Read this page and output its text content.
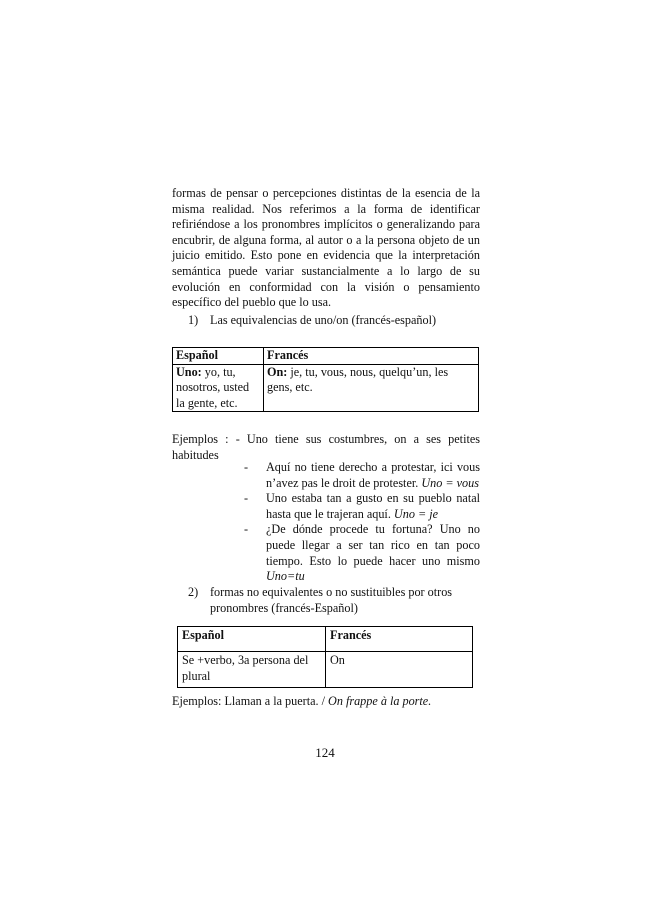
formas de pensar o percepciones distintas de la esencia de la
misma realidad. Nos referimos a la forma de identificar
refiriéndose a los pronombres implícitos o generalizando para
encubrir, de alguna forma, al autor o a la persona objeto de un
juicio emitido. Esto pone en evidencia que la interpretación
semántica puede variar sustancialmente a lo largo de su
evolución en conformidad con la visión o pensamiento
específico del pueblo que lo usa.
1) Las equivalencias de uno/on (francés-español)
Español	Francés
Uno: yo, tu, nosotros, usted la gente, etc.	On: je, tu, vous, nous, quelqu’un, les gens, etc.
Ejemplos : - Uno tiene sus costumbres, on a ses petites
habitudes
-	Aquí no tiene derecho a protestar, ici vous n’avez pas le droit de protester. Uno = vous
-	Uno estaba tan a gusto en su pueblo natal hasta que le trajeran aquí. Uno = je
-	¿De dónde procede tu fortuna? Uno no puede llegar a ser tan rico en tan poco tiempo. Esto lo puede hacer uno mismo Uno=tu
2) formas no equivalentes o no sustituibles por otros
pronombres (francés-Español)
Español	Francés
Se +verbo, 3a persona del plural	On
Ejemplos: Llaman a la puerta. / On frappe à la porte.
124
